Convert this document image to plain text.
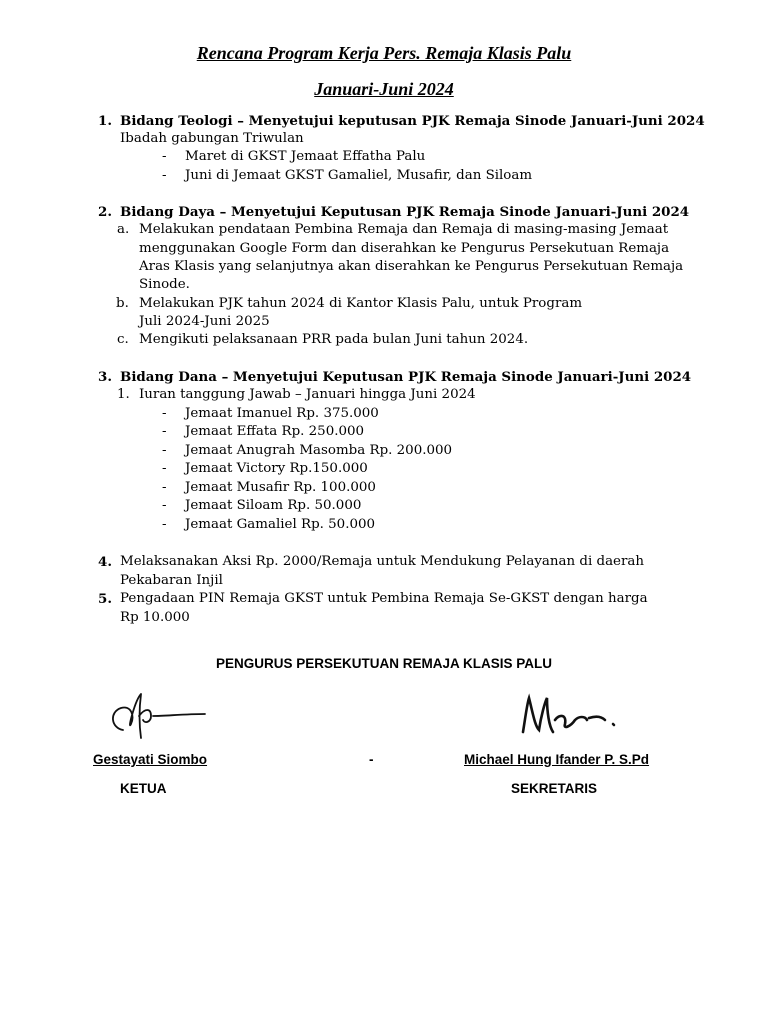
Rencana Program Kerja Pers. Remaja Klasis Palu
Januari-Juni 2024
1. Bidang Teologi – Menyetujui keputusan PJK Remaja Sinode Januari-Juni 2024
Ibadah gabungan Triwulan
- Maret di GKST Jemaat Effatha Palu
- Juni di Jemaat GKST Gamaliel, Musafir, dan Siloam
2. Bidang Daya – Menyetujui Keputusan PJK Remaja Sinode Januari-Juni 2024
a. Melakukan pendataan Pembina Remaja dan Remaja di masing-masing Jemaat
menggunakan Google Form dan diserahkan ke Pengurus Persekutuan Remaja
Aras Klasis yang selanjutnya akan diserahkan ke Pengurus Persekutuan Remaja
Sinode.
b. Melakukan PJK tahun 2024 di Kantor Klasis Palu, untuk Program
Juli 2024-Juni 2025
c. Mengikuti pelaksanaan PRR pada bulan Juni tahun 2024.
3. Bidang Dana – Menyetujui Keputusan PJK Remaja Sinode Januari-Juni 2024
1. Iuran tanggung Jawab – Januari hingga Juni 2024
- Jemaat Imanuel Rp. 375.000
- Jemaat Effata Rp. 250.000
- Jemaat Anugrah Masomba Rp. 200.000
- Jemaat Victory Rp.150.000
- Jemaat Musafir Rp. 100.000
- Jemaat Siloam Rp. 50.000
- Jemaat Gamaliel Rp. 50.000
4. Melaksanakan Aksi Rp. 2000/Remaja untuk Mendukung Pelayanan di daerah
Pekabaran Injil
5. Pengadaan PIN Remaja GKST untuk Pembina Remaja Se-GKST dengan harga
Rp 10.000
PENGURUS PERSEKUTUAN REMAJA KLASIS PALU
Gestayati Siombo	-	Michael Hung Ifander P. S.Pd
KETUA	SEKRETARIS
